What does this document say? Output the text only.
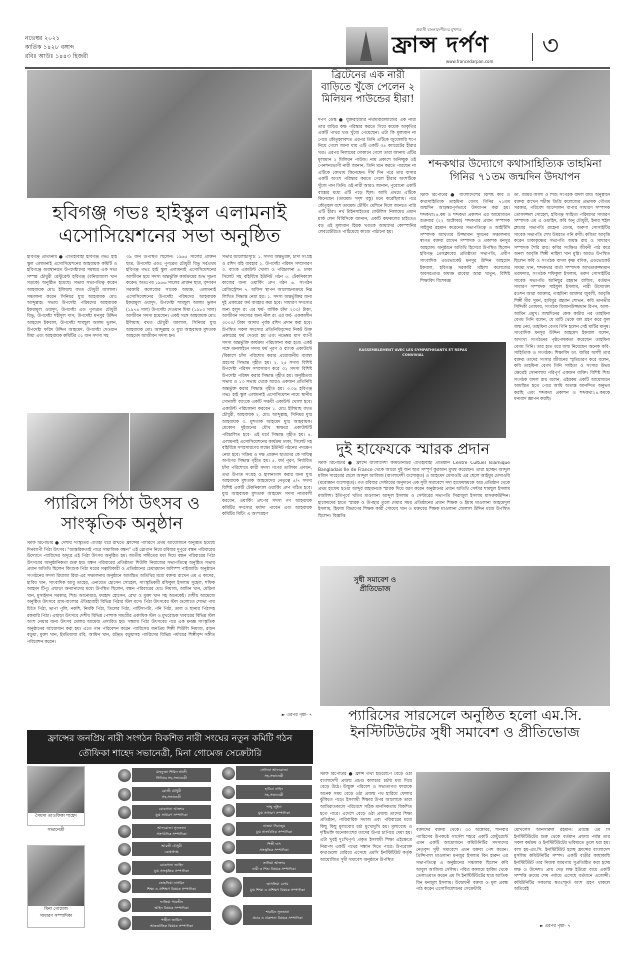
নভেম্বর ২০২১
কার্তিক ১৪২৮ বঙ্গাব্দ
রবিঃ আউঃ ১৪৪৩ হিজরী
প্রবাসী বাংলাদেশীদের মুখপত্র
ফ্রান্স দর্পণ
www.francedarpan.com
৩
হবিগঞ্জ গভঃ হাইস্কুল এলামনাই
এসোসিয়েশনের সভা অনুষ্ঠিত
হবিগঞ্জ প্রতিনিধি ● ঐতিহ্যবাহী হবিগঞ্জ গভঃ হাই স্কুল এলামনাই এসোসিয়েশনের আহবায়ক কমিটি ও হবিগঞ্জে অবস্থানরত উপদেষ্টাদের সমন্বয়ে এক সভা সম্পন্ন চৌধুরী রেস্টুরেন্ট হবিগঞ্জ (বনিয়াজাল খান সড়কে) অনুষ্ঠিত হয়েছে। সভায় সভাপতিত্ব করেন আহবায়ক মোঃ ইলিয়াছ বখত চৌধুরী জালাল। সঞ্চালনা করেন সিনিয়র যুগ্ম আহবায়ক মোঃ আব্দুল্লাহ। সভায় উপদেষ্টা পরিষদের আহবায়ক ইকরামুল ওয়াদুদ, উপদেষ্টা এড পুণ্যব্রত চৌধুরী বিভু, উপদেষ্টা শহীদুল দাস, উপদেষ্টা মনসুর উদ্দিন আহমেদ ইকবাল, উপদেষ্টা শামছুল আলম ভুলন, উপদেষ্টা ফরিদ উদ্দিন আহমেদ, উপদেষ্টা দেওয়ান মিয়া এবং আহবায়ক কমিটির ৩১ জন সদস্য সহ
৩৯ জন উপস্থিত ছিলেন। ১৯৬৫ সালের প্রাক্তন ছাত্র, উপদেষ্টা এডঃ পুণ্যব্রত চৌধুরী বিভু সর্বপ্রথম হবিগঞ্জ গভঃ হাই স্কুল এলামনাই এসোসিয়েশনের আজীবন হয়ে সদস্য অন্তর্ভুক্তি কার্যক্রমের শুভ সূচনা করেন। অতঃপর ১৯৬৬ সালের প্রাক্তন ছাত্র, বৃন্দাবন সরকারি কলেজের সাবেক অধ্যক্ষ, এলামনাই এসোসিয়েশনের উপদেষ্টা পরিষদের আহবায়ক ইকরামুল ওয়াদুদ, উপদেষ্টা শামছুল আলম ভুলন (১৯৭৪ সাল) উপদেষ্টা দেওয়ান মিয়া (১৯৮০ সাল) আজীবন সদস্য হয়েছেন। একই সঙ্গে আহবায়ক মোঃ ইলিয়াছ বখত চৌধুরী জালাল, সিনিয়র যুগ্ম আহবায়ক মোঃ আব্দুল্লাহ ও যুগ্ম আহবায়ক মুশতাক আহমেদ আজীবন সদস্য হন।
সভার আলোচ্যসূচি: ১. সদস্য অন্তর্ভুক্তি, চাঁদা সংগ্রহ ও রশিদ বহি ব্যবহার ২. উপদেষ্টা পরিষদ সম্প্রসারণ ৩. ব্যাংক একাউন্ট খোলা ও পরিচালনা ৪. ঢাকা সিলেট সহ বহির্বিশ্বে ইউনিট গঠন ৫. টেকনিক্যাল কাজের জন্য ওয়ার্কিং গ্রুপ গঠন ৬. সংগঠন রেজিস্ট্রেশন ৭. অফিস স্থাপন আলোচনাক্রমে নিম্ন লিখিত সিদ্ধান্ত নেয়া হয়। ১. সদস্য অন্তর্ভুক্তির জন্য দুই প্রকারের ফর্ম ব্যবহার করা হবে। সাধারণ সদস্যের জন্য হলুদ রং এর ফর্ম- বার্ষিক চাঁদা ২০০/ টাকা, আজীবন সদস্যের জন্য নীল রং এর ফর্ম- এককালীন ৩০০০/ টাকা আদায় পূর্বক রশিদ প্রদান করা হবে। উপস্থিত সকল সদস্যের প্রতিনিধিবৃন্দের নিকট উক্ত প্রকারের ফর্ম দেওয়া হয় এবং নভেম্বর মাস ব্যাপী সদস্য অন্তর্ভুক্তি কার্যক্রম পরিচালনা করা হবে। একই সঙ্গে অনলাইনে সদস্য ফর্ম পূরণ ও ব্যাংক একাউন্টে /বিকাশে চাঁদা পরিশোধ করার প্রয়োজনীয় ব্যবস্থা গ্রহণের সিদ্ধান্ত গৃহীত হয়। ২. ২৫ সদস্য বিশিষ্ট উপদেষ্টা পরিষদ সম্প্রসারণ করে ৩১ সদস্য বিশিষ্ট উপদেষ্টা পরিষদ করার সিদ্ধান্ত গৃহীত হয়। অনুষ্ঠিতব্য সভায় ও ১৩ সভায় থেকে আরও একজন প্রতিনিধি অন্তর্ভুক্ত করার সিদ্ধান্ত গৃহীত হয়। ৩.০৯ হবিগঞ্জ গভঃ হাই স্কুল এলামনাই এসোসিয়েশন নামে স্থানীয় সোনালী ব্যাংকে একটি সঞ্চয়ী একাউন্ট খোলা হবে। একাউন্ট পরিচালনা করবেন ১. মোঃ ইলিয়াছ বখত চৌধুরী, আহবায়ক ২. মোঃ আব্দুল্লাহ, সিনিয়র যুগ্ম আহবায়ক ৩. মুশতাক আহমেদ যুগ্ম আহবায়ক। যেকোন দুইজনের যৌথ স্বাক্ষরে একাউন্টটি পরিচালিত হবে- এই মর্মে সিদ্ধান্ত গৃহীত হয়। ৪. এলামনাই এসোসিয়েশনের কার্যক্রম ঢাকা, সিলেট সহ বহির্বিশ্বে সম্প্রসারণের লক্ষ্যে ইউনিট গঠনের পদক্ষেপ নেয়া হবে। সক্রিয় ও দক্ষ প্রাক্তন ছাত্রদের কে দায়িত্ব অর্পণের সিদ্ধান্ত গৃহীত হয়। ৫. ফর্ম পূরণ, নির্ধারিত চাঁদা পরিশোধে কারী সদস্য গণের তালিকা প্রণয়ন, তথ্য উপাত্ত সংগ্রহ ও হালনাগাদ করার জন্য যুগ্ম আহবায়ক মুশতাক আহমেদের নেতৃত্বে ৫/৭ সদস্য বিশিষ্ট একটি টেকনিক্যাল ওয়ার্কিং গ্রুপ গঠিত হবে। যুগ্ম আহবায়ক মুশতাক আহমেদ সদস্য নামাবলী করবেন, ওয়ার্কিং গ্রুপের সদস্য গণ আহবায়ক কমিটির সদস্যের মর্যাদা পাবেন এবং আহবায়ক কমিটির মিটিং এ অংশগ্রহণ
► এরপর পৃষ্ঠা- ৭
প্যারিসে পিঠা উৎসব ও
সাংস্কৃতিক অনুষ্ঠান
স্টাফ রিপোর্টার ● দেশীয় সংস্কৃতির ঐতিহ্য ধরে রাখতে ফ্রান্সের প্যারিসে প্রথম আয়োজনে অনুষ্ঠিত হয়েছে দিনব্যাপী পিঠা উৎসব। "আন্তরিকতাই পারে সামাজিক বন্ধন" এই স্লোগান নিয়ে রবিবার দুপুরে বন্ধন পরিবারের উদ্যোগে প্যারিসের অদূরে এই পিঠা উৎসব অনুষ্ঠিত হয়। জাতীয় সঙ্গীতের মধ্য দিয়ে বন্ধন পরিবারের পিঠা উৎসবের আনুষ্ঠানিকতা শুরু হয়। বন্ধন পরিবারের প্রতিষ্ঠাতা শিউলি নিয়াজের সভাপতিত্বে অনুষ্ঠিত সভায় প্রধান অতিথি ছিলেন কিংশুক পিঠা ঘরের সত্বাধিকারী ও প্রতিষ্ঠানের চেয়ারম্যান অলিম্প পাইজারি। অনুষ্ঠানে সংগঠনের সদস্য রিয়াজা রিয়া-এর সঞ্চালনায় অনুষ্ঠানে আমন্ত্রিত অতিথির মধ্যে বক্তব্য রাখেন এম এ কাদের, হাবিব খান, সাংবাদিক আবু তাহের, এনায়েত হোসেন সোহেল, সাংস্কৃতিকর্মী রফিকুল ইসলাম সুহেল, শফিক আহমদ টিপু। এছাড়া অন্যান্যদের মধ্যে উপস্থিত ছিলেন, বন্ধন পরিবারের মোঃ নিয়াজ, আমিন খান, মেরিনা খান, মুসাইদান সরকার, শিশু আনোয়ার, ফরহাদ হোসেন, রেখা ও মুক্তা খান সহ অনেকেই। দেশীয় আমেজে অনুষ্ঠিত উৎসবে গ্রাম-বাংলার ঐতিহ্যবাহী বিভিন্ন পিঠার স্টল বসে। পিঠা উৎসবের স্টল গুলোতে শোভা পায় চিতৈ পিঠা, ভাপা পুলি, নকশি, নিমকি পিঠা, তিলের পিঠা, পাটিসাপটা, পনি পিঠা, ডাল ও ছানার পিঠাসহ রকমারি পিঠা। এছাড়া উৎসবে দেশীয় বিভিন্ন পোশাক সামগ্রীর একাধিক স্টল ও মুখরোচক খাবারের বিভিন্ন স্টল অংশ নেয়ার জন্য উৎসব মেলার আমেজ প্রসারিত হয়। সন্ধ্যায় পিঠা উৎসবের পরে এক মনজ্ঞ সাংস্কৃতিক অনুষ্ঠানের আয়োজন করা হয়। এতে গান পরিবেশন করেন প্যারিসের জনপ্রিয় শিল্পী শিউলি নিয়াজ, রজন বড়ুয়া, মুক্তা খান, ইমতিয়াজ রবি, আমিন খান, রঞ্জিত বড়ুয়াসহ প্যারিসের বিভিন্ন পর্যায়ের শিল্পীবৃন্দ সঙ্গীত পরিবেশন করেন।
ব্রিটেনের এক নারী বাড়িতে খুঁজে পেলেন ২ মিলিয়ন পাউন্ডের হীরা!
দর্পণ ডেস্ক ● যুক্তরাজ্যের নর্থামবারল্যান্ডের এক নারী তার বাড়ির কক্ষ পরিস্কার করতে গিয়ে কয়েক আকৃতির একটি পাথর খণ্ড খুঁজে পেয়েছেন। এটা কি মূল্যবান না পেয়ে কৌতূহলবশত এরপর তিনি এটিকে জুয়েলারি শপে নিয়ে গেলে জানা যায় এটি একটি ৩৪ ক্যারেটের হীরার খণ্ড। এরপর নিলামের দোকানে গেলে তারা জানায় এটির মূল্যমান ২ মিলিয়ন পাউন্ড। নাম প্রকাশে অনিচ্ছুক ওই পেনশনভোগী নারী জানান, তিনি মনে করতে পারছেন না এটিকে কোথায় কিনেছেন। দীর্ঘ দিন পরে তার বাসার একটি অংশে পরিস্কার করতে গেলে হীরার অংশটিকে খুঁজে পান তিনি। ওই নারী আরও জানান, পুরোনো একটি বাক্সের মধ্যে এটি পড়ে ছিল। আমি প্রথমে এটিকে কিনেছেন (ডায়মন্ড সদৃশ বস্তু) মনে করেছিলাম। পরে কৌতূহল বশে ডায়মন্ড টেস্টিং মেশিনে দিলে জানতে পারি এটি হীরা। নর্থ টাইনসাইডের ফেটলিস নিলামের প্রধান মার্ক লেন বিবিসিকে জানান, একটি কফকলের চাইতেও বড় এই মূল্যবান হিরক খণ্ডকে আমাদের কোম্পানির লেবরেটরিতে পাঠিয়েছে কাজে পাঠানো হয়।
শব্দকথার উদ্যোগে কথাসাহিত্যিক তাহমিনা
গিনির ৭১তম জন্মদিন উদযাপন
স্টাফ রিপোর্টার ● বাংলাদেশের বিশিষ্ট কবি ও কথাসাহিত্যিক তাহমিনা বেগম গিনির ৭১তম জন্মদিন আড়ম্বরপূর্ণভাবে উদযাপন করা হয়। শব্দকথা২৪.কম ও শব্দকথা প্রকাশন এর আয়োজনে শুক্রবার (২২ অক্টোবর) শব্দকথার প্রধান সম্পাদক সাইফুর রহমান করেনের সভাপতিত্বে ও আইটিসি সম্পাদক আখতার উজ্জামান সুমনের সঞ্চালনায় স্বাগত বক্তব্য রাখেন সম্পাদক ও প্রকাশক মনসুর আহমেদ। অনুষ্ঠানে অতিথি হিসেবে উপস্থিত ছিলেন হবিগঞ্জ প্রেসক্লাবের প্রতিষ্ঠাতা সভাপতি, প্রবীণ সাংবাদিক এডভোকেট মনসুর উদ্দিন আহমেদ ইকবাল, হবিগঞ্জ সরকারি মহিলা কলেজের অবসরপ্রাপ্ত অধ্যক্ষ রাবেয়া আরা খাতুন, বিশিষ্ট শিক্ষাবিদ বিশেষজ্ঞ
ডা. জমির আলী ও শিশু সংগঠক বাদল রায়। অনুষ্ঠানে বক্তব্য রাখেন শচীন্দ্র ডিগ্রি কলেজের প্রভাষক গৌতম সরকার, পরিবেশ আন্দোলন বাপার সাধারণ সম্পাদক তোফাজ্জল সোহেল, হবিগঞ্জ সাহিত্য পরিষদের সাধারণ সম্পাদক এম এ ওয়াহিদ, কবি অনু চৌধুরী, ইনার হুইল ক্লাবের সভাপতি রাহেনা বেগম, অরুণা সোসাইটির সাবেক সভাপতি শেখ উমরাত গনি রুবী। কবিতা আবৃত্তি করেন চাকাকৃষ্ণের সভাপতি জয়ন্ত রায় ও সাধারণ সম্পাদক শৈরি রায়। কবির সংক্ষিপ্ত জীবনী পাঠ করে অনল আবৃত্তি শিল্পী নাহিদা খান মুন্নি। আরও উপস্থিত ছিলেন কবি ও সংগঠক বাদল কৃষ্ণ বণিক, এডভোকেট সায়মা খান, শব্দকথার বার্তা সম্পাদক আখতারুজ্জামান তরফদার, সংগঠক শফিকুল ইসলাম, তরুণ সোসাইটির সাবেক সভাপতি আনিছুর রহমান রাজিব, বর্তমান সাধারণ সম্পাদক সাইফুল ইসলাম, নারী উদ্যোক্তা রওশন আরা আক্তার, তাহমিনা আক্তার জুবলী, আবৃত্তি শিল্পী মীর সুমন, হাবিবুর রহমান শোভন, কবি তানভীর সিদ্দিকী তোফায়, সংগঠক মিজানউজ্জামান রিপন, আল-আমিন প্রমুখ। জন্মদিনের কেক কাটার পর তাহমিনা বেগম গিনি বলেন, যে মাটি থেকে বল গ্রহণ করে ফুল জন্ম নেয়, তাহমিনা বেগম গিনি হলেন সেই মাটির মানুষ। সাংবাদিক মনসুর উদ্দিন আহমেদ ইকবাল বলেন, অসংখ্য সংগঠনের পৃষ্ঠপোষকতা করেছেন তাহমিনা বেগম গিনি। তার হাত ধরে জন্ম নিয়েছেন অনেক কবি-সাহিত্যিক ও সংগঠক। শিক্ষাবিদ ডা. জমির আলী তার বক্তব্য তাদের সংসার জীবনের স্মৃতিচারণ করে বলেন, কবি তাহমিনা বেগম গিনি সাহিত্য ও সংসার উভয় ক্ষেত্রেই সোনালায় পরিপূর্ণ একজন ব্যক্তি। বিশিষ্ট শিশু সংগঠক বাদল রায় বলেন, এইরকম একটি আয়োজনে আমন্ত্রিত হতে পেরে আমি অত্যন্ত আনন্দিত অনুভব করছি এবং শব্দকথা প্রকাশন ও শব্দকথা২৪.কমকে ধন্যবাদ জ্ঞাপন করছি।
RASSEMBLEMENT AVEC LES SYMPATHISANTS ET REPAS CONVIVIAL
দুই হাফেযকে স্মারক প্রদান
স্টাফ রিপোর্টার ● ফ্রান্সে বাংলাদেশী কমিউনিটির ঐতিহ্যবাহী প্রতিষ্ঠান Centre Cultuel Islamique Bangladais Ile de France থেকে আরো দুই জন ছাত্র সম্পূর্ণ কুরআন মুখস্থ করেছেন। তারা হচ্ছেন আব্দুল মজিদ সাহেবের ছেলে আব্দুল আজিজ (বাংলাদেশী বংশোদ্ভূত) ও আহমেদ মেসাওয়ি এর ছেলে আইয়ুব মেসাওয়ি (মরোক্কান বংশোদ্ভূত)। গত রবিবার সেন্টারের অনুদানে এক সুধী সমাবেশে সদ্য হাফেযদ্বয়কে অত্র প্রতিষ্ঠান থেকে প্রথম হাফেয হওয়া আব্দুর রাহমানকে স্মারক দিয়ে বরণ করেন অনুষ্ঠানের প্রধান অতিথি সেন্টার শামছুল ইসলাম মজলিশ। ইতিপূর্বে খতিব মাওলানা আব্দুল ইসলাম ও সেন্টারের সভাপতি সিরাজুল ইসলাম মাসরুকউদ্দিন। হাফেযদের হাতে স্মারক ও উপহার তুলে দেয়ার সময় প্রতিষ্ঠানের প্রধান শিক্ষক ও ইমাম মাওলানা আহমেদুল ইসলাম, হিফজ বিভাগের শিক্ষক কারী সোয়েব খান ও মক্তবের শিক্ষক মাওলানা জেলাল উদ্দিন মজে উপস্থিত ছিলেন। বিজ্ঞপ্তি
সুধী সমাবেশ ও প্রীতিভোজ
প্যারিসের সারসেলে অনুষ্ঠিত হলো এম.সি.
ইনস্টিটিউটের সুধী সমাবেশ ও প্রীতিভোজ
স্টাফ রিপোর্টার ● ফ্রান্স তথা ইউরোপে বেড়ে ওঠা বাংলাদেশী প্রজন্ম প্রচণ্ড কালচার চর্চার মধ্য দিয়ে বেড়ে উঠে। উন্মুক্ত পরিবেশ ও সভ্যতাগত ফারাকে অনেক সময় বেড়ে ওঠা প্রজন্ম পথ হারিয়ে ফেলার ঝুঁকিতে পড়ে। ইসলামী শিক্ষার উপর আলোকে তারা আমিরাতকালে পরিবেশে সঠিক মানসিকতায় বিকশিত হতে পারে। এদেশে বেড়ে ওঠা প্রজন্ম তাদের শিক্ষা প্রতিষ্ঠান, পারিবারিক সমাজ এবং পরিবারের মধ্যে কিছু কিছু মুল্যবোধ চর্চা মুখোমুখি হয়। মূল্যবোধ ও দৃষ্টিভঙ্গি অনেকাংশের তাদের উপর চাপিয়ে দেয়া হয়। এটা খুবই দুঃখিপূর্ণ। প্রকৃত ইসলামী শিক্ষা এইক্ষেত্রে নিরাপদ একটি পথের সন্ধান দিতে পারে। উপরোক্ত কথাগুলো বেরিয়ে এসেছে এমসি ইনস্টিটিউট কর্তৃক আয়োজিত সুধী সমাবেশ অনুষ্ঠানে উপস্থিত
বক্তাদের বক্তব্য থেকে। ৩০ অক্টোবর, শনিবার প্যারিসের উপকণ্ঠে সার্সেল শহরে একটি রেস্টুরেন্টে এমন একটি আয়োজনে কমিউনিটির সদস্যদের নেতৃবৃন্দ সুধী সমাবেশে এমন বক্তব্য পেশ করেন। প্রিন্সিপাল মাওলানা মনজুর ইসলাম বিন হারুন এর সভাপতিত্বে এ অনুষ্ঠানের সঞ্চালক ছিলেন কবি আবুল আজিজ সেলিম। পবিত্র কালামে হাকিম থেকে তেলাওয়াত করেন এম সি ইনস্টিটিউটের ছাত্র আতিক বিন মনজুল ইসলাম। উদ্বোধনী বক্তব্য ও মূল প্রবন্ধ পাঠ করেন এসোসিয়েশনের সেক্রেটারি
মোখলেস আনসারুল রহমান। প্রবন্ধে এম সি ইনস্টিটিউটের শুরু থেকে বর্তমান প্রজন্ম পর্যন্ত তার সকল কর্মক্রম ও ইনস্টিটিউটের ভবিষ্যতে তুলে ধরা হয়। বলা হয়-এম.সি. ইনস্টিটিউট হচ্ছে ফ্রান্সের বাংলাদেশ মুসলিম কমিউনিটির সম্পদ। একটি বাড়ীর কাছাকাছি ইনস্টিটিউট তার নিজস্ব জায়গায় সুপ্রতিষ্ঠিত করা হচ্ছে লক্ষ ও উদ্দেশ্য। প্রায় দেড় লক্ষ ইউরো ব্যয়ে একটি সম্পত্তি ক্রয়ের শেষ পর্যায়ে এসেছে বর্তমানে এজেন্সী। কমিউনিটির সকলের স্বতঃস্ফূর্ত অংশ গ্রহণ থাকলে অতিরেই
► এরপর পৃষ্ঠা- ৭
ফ্রান্সের জনপ্রিয় নারী সংগঠন বিকশিত নারী সংঘের নতুন কমিটি গঠন
তৌফিকা শাহেদ সভানেত্রী, মিনা গোমেজ সেক্রেটারি
সৈয়দা তাওফিকা শাহেদ
সভানেত্রী
মিনা গোমেজ
সাধারণ সম্পাদিকা
মাহফুজা শিরিন আলী
সিনিয়র সহ-সভানেত্রী
রোজী চৌধুরী
সহ-সভানেত্রী
রোকসানা আক্তার
যুগ্ম সাধারণ সম্পাদিকা
আফরোজা সুলতানা
সাংগঠনিক সম্পাদিকা
আরতী চৌধুরী
কোষাধ্যক্ষ
রোকসানা জাহিদ
যুগ্ম সাংস্কৃতিক সম্পাদিকা
তোহফিয়া নাসরিন
শিক্ষা ও প্রশিক্ষণ বিষয়ক সম্পাদিকা
ফাতিমা পারভীন
আইন বিষয়ক সম্পাদিকা
শাহীনা জামিল
আন্তর্জাতিক বিষয়ক সম্পাদিকা
সেলিনা আফরোজা
সহ-সভানেত্রী
হাবিবা নাহিদ
সহ-সভানেত্রী
শাম্মু জুঁইদা
যুগ্ম সাধারণ সম্পাদিকা
নাজমা সিরাজুম
যুগ্ম সাংগঠনিক সম্পাদিকা
শিল্পী দাস
সাংস্কৃতিক সম্পাদিকা
তানিয়া আক্তার
নারী ও শিশু বিষয়ক সম্পাদিকা
তাসলিমা বেগম
যুগ্ম শিক্ষা ও প্রশিক্ষণ বিষয়ক সম্পাদিকা
শারমিন সুলতানা
প্রচার ও প্রকাশনা বিষয়ক সম্পাদিকা
